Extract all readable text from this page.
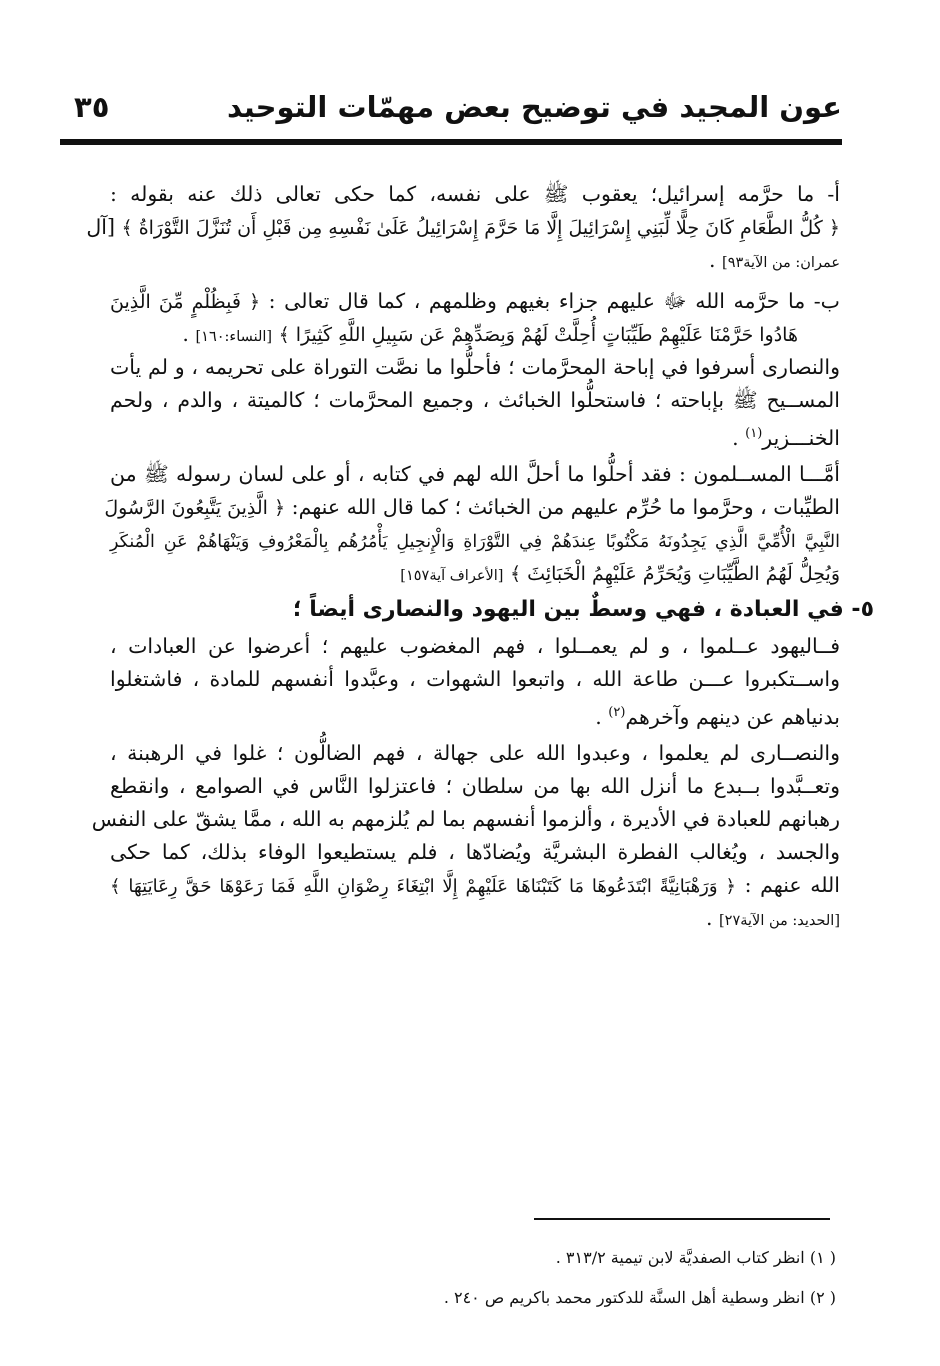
عون المجيد في توضيح بعض مهمّات التوحيد
٣٥
أ- ما حرَّمه إسرائيل؛ يعقوب ﷺ على نفسه، كما حكى تعالى ذلك عنه بقوله :
﴿ كُلُّ الطَّعَامِ كَانَ حِلًّا لِّبَنِي إِسْرَائِيلَ إِلَّا مَا حَرَّمَ إِسْرَائِيلُ عَلَىٰ نَفْسِهِ مِن قَبْلِ أَن تُنَزَّلَ التَّوْرَاةُ ﴾ [آل
عمران: من الآية٩٣] .
ب- ما حرَّمه الله ﷻ عليهم جزاء بغيهم وظلمهم ، كما قال تعالى : ﴿ فَبِظُلْمٍ مِّنَ الَّذِينَ
هَادُوا حَرَّمْنَا عَلَيْهِمْ طَيِّبَاتٍ أُحِلَّتْ لَهُمْ وَبِصَدِّهِمْ عَن سَبِيلِ اللَّهِ كَثِيرًا ﴾ [النساء:١٦٠] .
والنصارى أسرفوا في إباحة المحرَّمات ؛ فأحلُّوا ما نصَّت التوراة على تحريمه ، و لم يأت
المســيح ﷺ بإباحته ؛ فاستحلُّوا الخبائث ، وجميع المحرَّمات ؛ كالميتة ، والدم ، ولحم
الخنـــزير$^{(١)}$ .
أمَّـــا المســلمون : فقد أحلُّوا ما أحلَّ الله لهم في كتابه ، أو على لسان رسوله ﷺ من
الطيِّبات ، وحرَّموا ما حُرِّم عليهم من الخبائث ؛ كما قال الله عنهم: ﴿ الَّذِينَ يَتَّبِعُونَ الرَّسُولَ
النَّبِيَّ الْأُمِّيَّ الَّذِي يَجِدُونَهُ مَكْتُوبًا عِندَهُمْ فِي التَّوْرَاةِ وَالْإِنجِيلِ يَأْمُرُهُم بِالْمَعْرُوفِ وَيَنْهَاهُمْ عَنِ الْمُنكَرِ
وَيُحِلُّ لَهُمُ الطَّيِّبَاتِ وَيُحَرِّمُ عَلَيْهِمُ الْخَبَائِثَ ﴾ [الأعراف آية١٥٧]
٥- في العبادة ، فهي وسطٌ بين اليهود والنصارى أيضاً ؛
فــاليهود عــلموا ، و لم يعمــلوا ، فهم المغضوب عليهم ؛ أعرضوا عن العبادات ،
واســتكبروا عـــن طاعة الله ، واتبعوا الشهوات ، وعبَّدوا أنفسهم للمادة ، فاشتغلوا
بدنياهم عن دينهم وآخرهم$^{(٢)}$ .
والنصــارى لم يعلموا ، وعبدوا الله على جهالة ، فهم الضالُّون ؛ غلوا في الرهبنة ،
وتعــبَّدوا بــبدع ما أنزل الله بها من سلطان ؛ فاعتزلوا النَّاس في الصوامع ، وانقطع
رهبانهم للعبادة في الأديرة ، وألزموا أنفسهم بما لم يُلزمهم به الله ، ممَّا يشقّ على النفس
والجسد ، ويُغالب الفطرة البشريَّة ويُضادّها ، فلم يستطيعوا الوفاء بذلك، كما حكى
الله عنهم : ﴿ وَرَهْبَانِيَّةً ابْتَدَعُوهَا مَا كَتَبْنَاهَا عَلَيْهِمْ إِلَّا ابْتِغَاءَ رِضْوَانِ اللَّهِ فَمَا رَعَوْهَا حَقَّ رِعَايَتِهَا ﴾
[الحديد: من الآية٢٧] .
( ١) انظر كتاب الصفديَّة لابن تيمية ٣١٣/٢ .
( ٢) انظر وسطية أهل السنَّة للدكتور محمد باكريم ص ٢٤٠ .
